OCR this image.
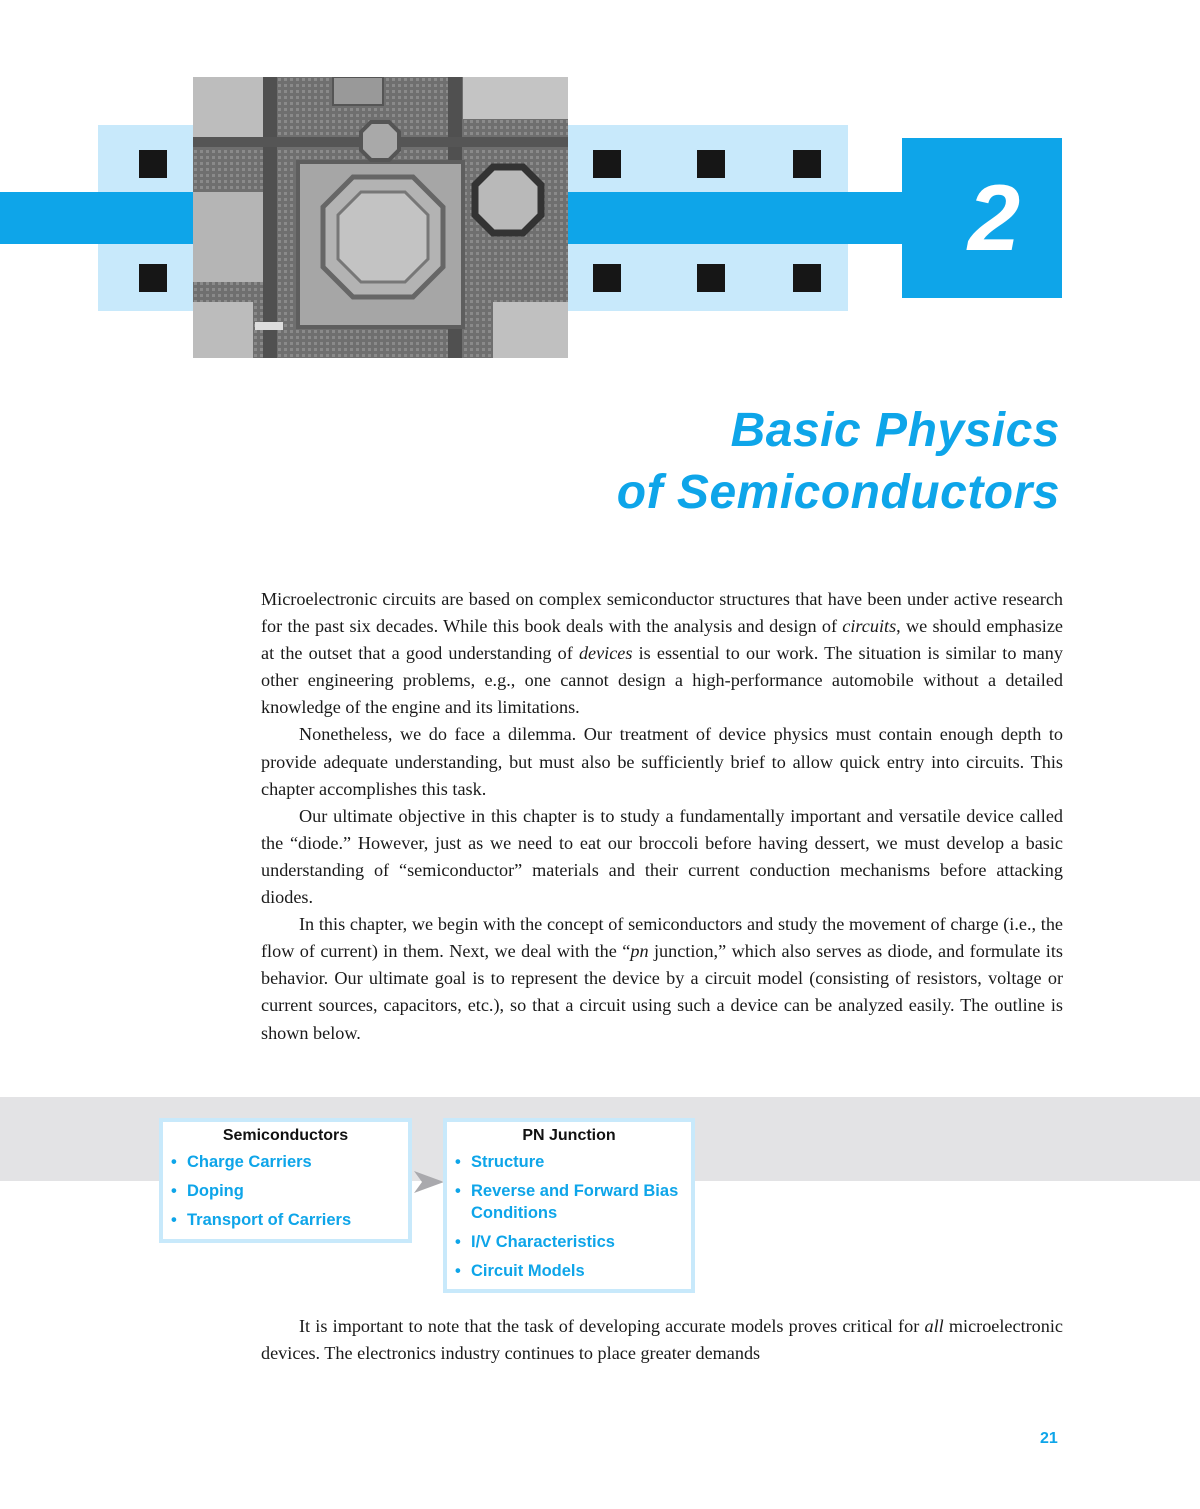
2
Basic Physics
of Semiconductors

Microelectronic circuits are based on complex semiconductor structures that have been under active research for the past six decades. While this book deals with the analysis and design of circuits, we should emphasize at the outset that a good understanding of devices is essential to our work. The situation is similar to many other engineering problems, e.g., one cannot design a high-performance automobile without a detailed knowledge of the engine and its limitations.

Nonetheless, we do face a dilemma. Our treatment of device physics must contain enough depth to provide adequate understanding, but must also be sufficiently brief to allow quick entry into circuits. This chapter accomplishes this task.

Our ultimate objective in this chapter is to study a fundamentally important and versatile device called the “diode.” However, just as we need to eat our broccoli before having dessert, we must develop a basic understanding of “semiconductor” materials and their current conduction mechanisms before attacking diodes.

In this chapter, we begin with the concept of semiconductors and study the movement of charge (i.e., the flow of current) in them. Next, we deal with the “pn junction,” which also serves as diode, and formulate its behavior. Our ultimate goal is to represent the device by a circuit model (consisting of resistors, voltage or current sources, capacitors, etc.), so that a circuit using such a device can be analyzed easily. The outline is shown below.

Semiconductors
• Charge Carriers
• Doping
• Transport of Carriers
PN Junction
• Structure
• Reverse and Forward Bias Conditions
• I/V Characteristics
• Circuit Models

It is important to note that the task of developing accurate models proves critical for all microelectronic devices. The electronics industry continues to place greater demands

21
